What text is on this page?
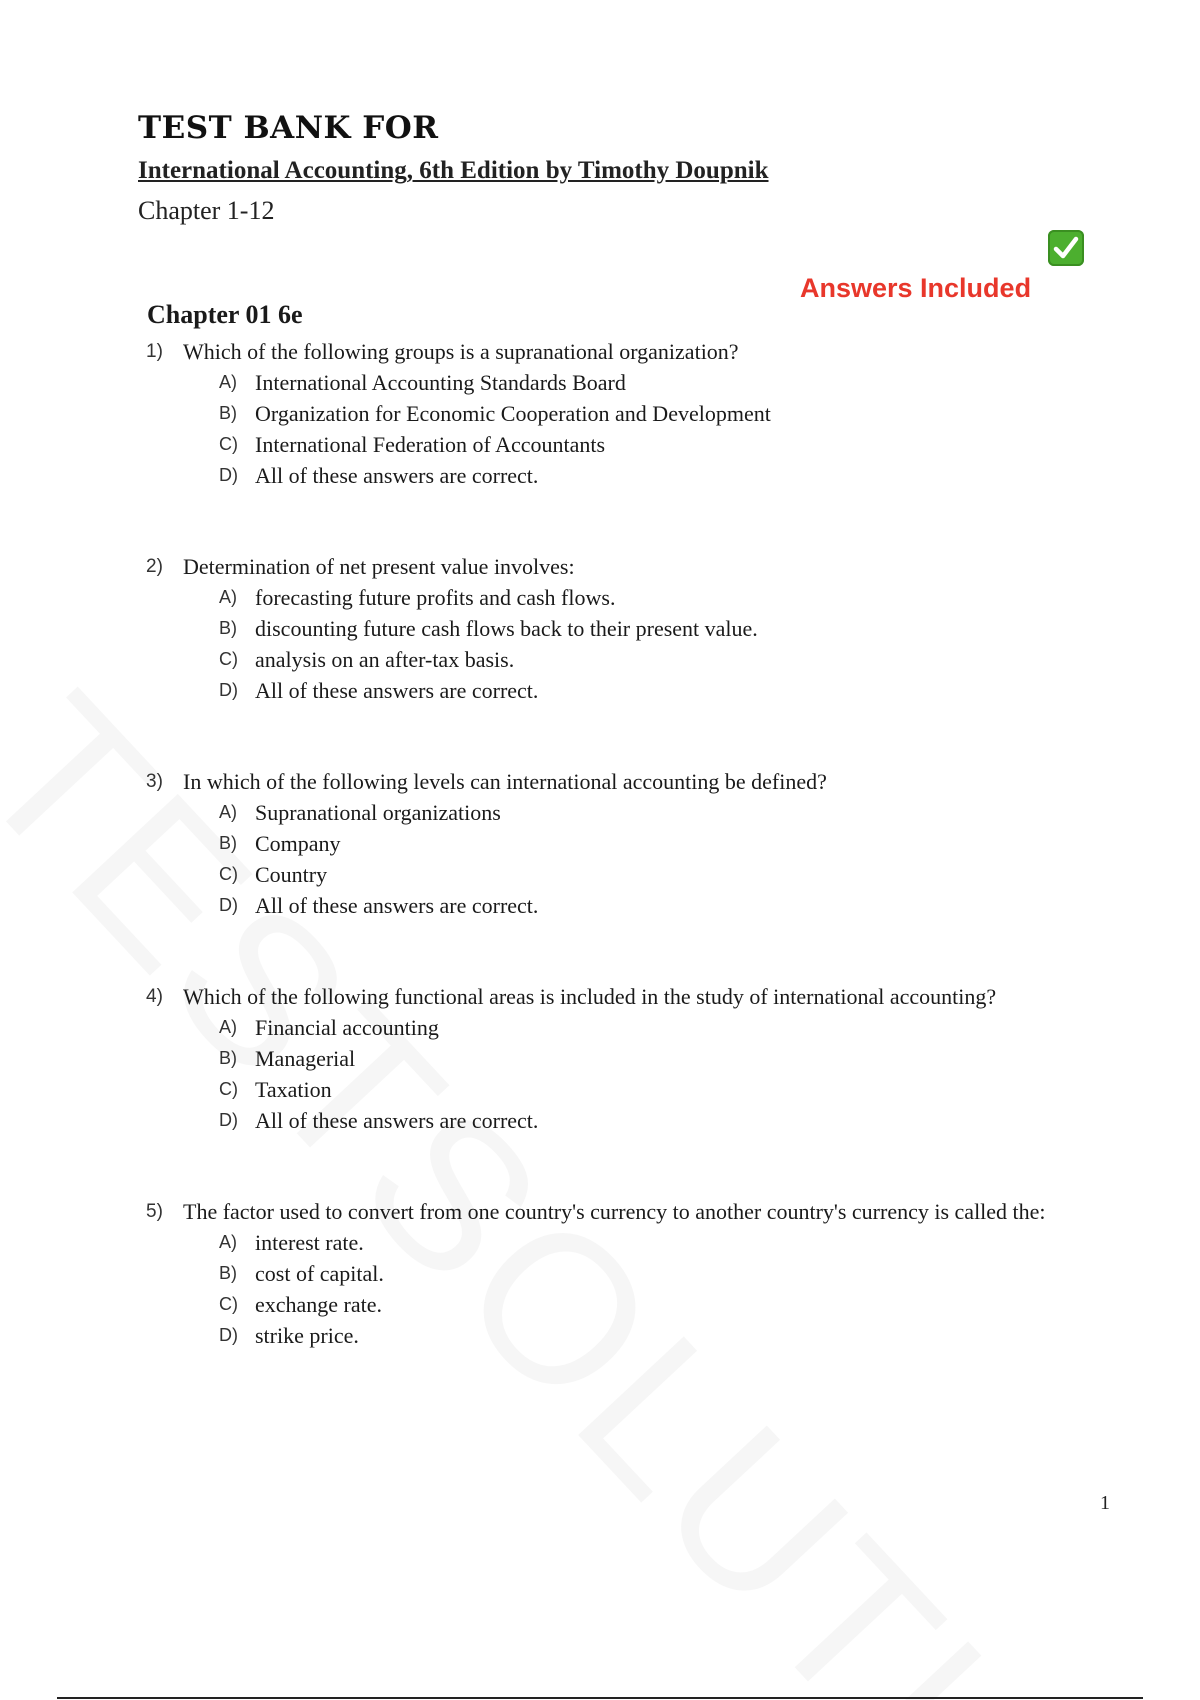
TEST BANK FOR
International Accounting, 6th Edition by Timothy Doupnik
Chapter 1-12
Answers Included
Chapter 01 6e
1) Which of the following groups is a supranational organization?
A) International Accounting Standards Board
B) Organization for Economic Cooperation and Development
C) International Federation of Accountants
D) All of these answers are correct.
2) Determination of net present value involves:
A) forecasting future profits and cash flows.
B) discounting future cash flows back to their present value.
C) analysis on an after-tax basis.
D) All of these answers are correct.
3) In which of the following levels can international accounting be defined?
A) Supranational organizations
B) Company
C) Country
D) All of these answers are correct.
4) Which of the following functional areas is included in the study of international accounting?
A) Financial accounting
B) Managerial
C) Taxation
D) All of these answers are correct.
5) The factor used to convert from one country's currency to another country's currency is called the:
A) interest rate.
B) cost of capital.
C) exchange rate.
D) strike price.
1
